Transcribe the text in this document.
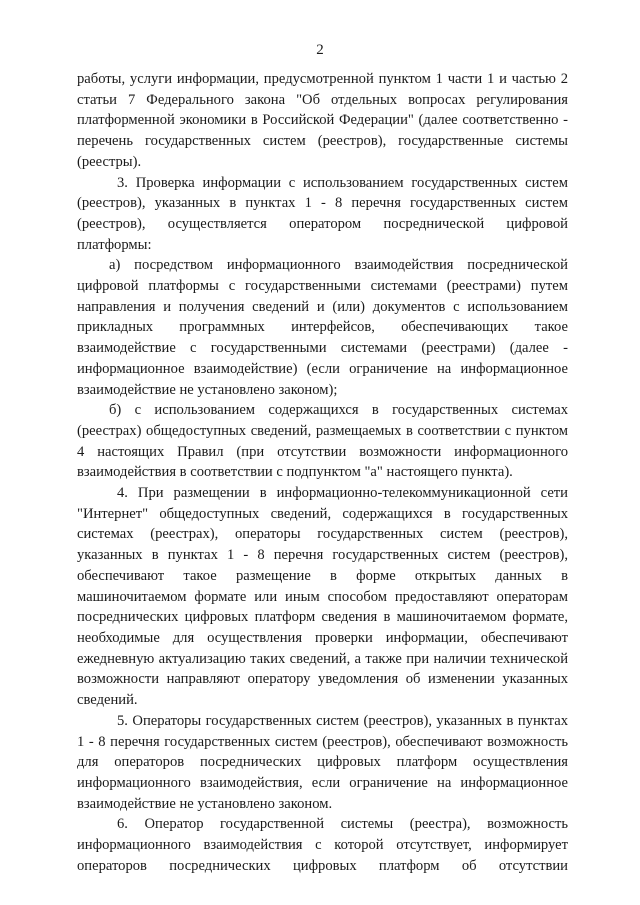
2

работы, услуги информации, предусмотренной пунктом 1 части 1 и частью 2 статьи 7 Федерального закона "Об отдельных вопросах регулирования платформенной экономики в Российской Федерации" (далее соответственно - перечень государственных систем (реестров), государственные системы (реестры).

3. Проверка информации с использованием государственных систем (реестров), указанных в пунктах 1 - 8 перечня государственных систем (реестров), осуществляется оператором посреднической цифровой платформы:

а) посредством информационного взаимодействия посреднической цифровой платформы с государственными системами (реестрами) путем направления и получения сведений и (или) документов с использованием прикладных программных интерфейсов, обеспечивающих такое взаимодействие с государственными системами (реестрами) (далее - информационное взаимодействие) (если ограничение на информационное взаимодействие не установлено законом);

б) с использованием содержащихся в государственных системах (реестрах) общедоступных сведений, размещаемых в соответствии с пунктом 4 настоящих Правил (при отсутствии возможности информационного взаимодействия в соответствии с подпунктом "а" настоящего пункта).

4. При размещении в информационно-телекоммуникационной сети "Интернет" общедоступных сведений, содержащихся в государственных системах (реестрах), операторы государственных систем (реестров), указанных в пунктах 1 - 8 перечня государственных систем (реестров), обеспечивают такое размещение в форме открытых данных в машиночитаемом формате или иным способом предоставляют операторам посреднических цифровых платформ сведения в машиночитаемом формате, необходимые для осуществления проверки информации, обеспечивают ежедневную актуализацию таких сведений, а также при наличии технической возможности направляют оператору уведомления об изменении указанных сведений.

5. Операторы государственных систем (реестров), указанных в пунктах 1 - 8 перечня государственных систем (реестров), обеспечивают возможность для операторов посреднических цифровых платформ осуществления информационного взаимодействия, если ограничение на информационное взаимодействие не установлено законом.

6. Оператор государственной системы (реестра), возможность информационного взаимодействия с которой отсутствует, информирует операторов посреднических цифровых платформ об отсутствии
